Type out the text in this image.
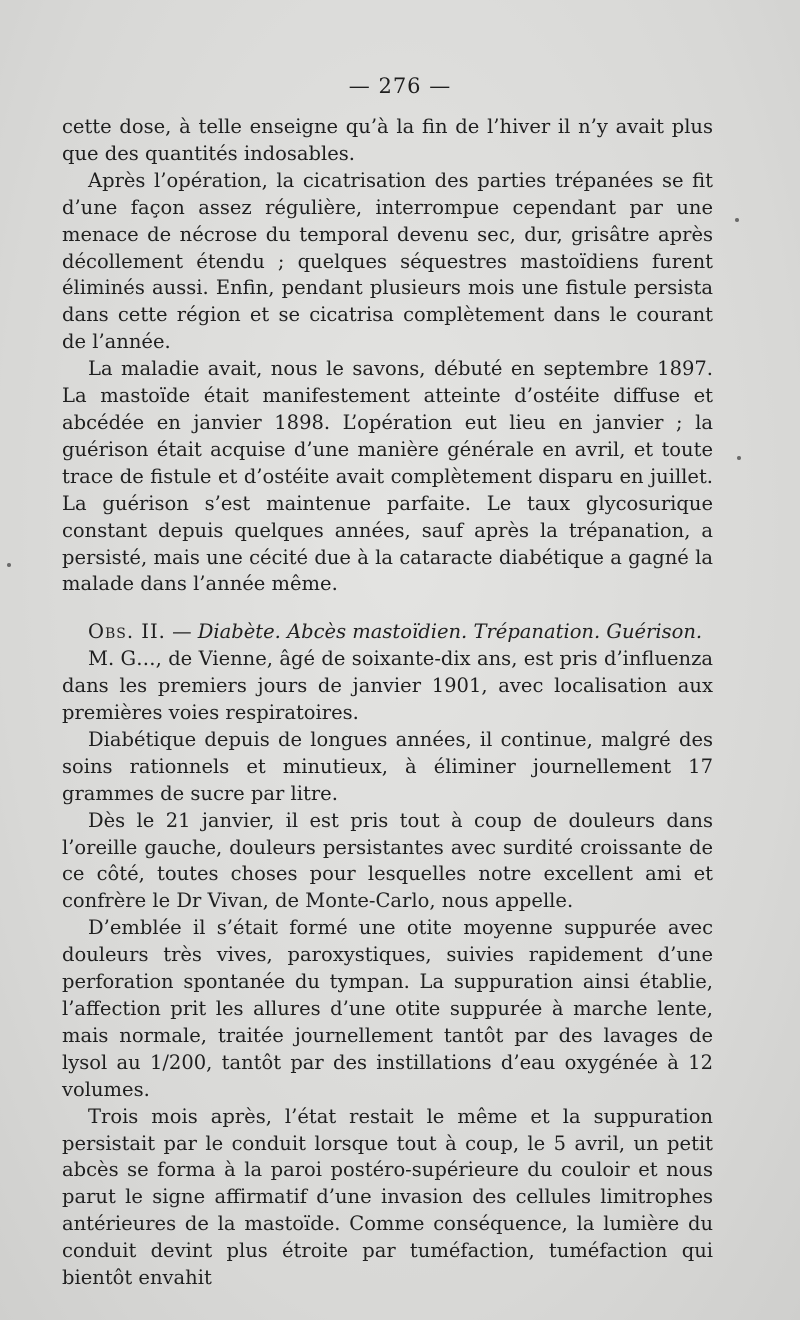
— 276 —

cette dose, à telle enseigne qu’à la fin de l’hiver il n’y avait plus que des quantités indosables.

Après l’opération, la cicatrisation des parties trépanées se fit d’une façon assez régulière, interrompue cependant par une menace de nécrose du temporal devenu sec, dur, grisâtre après décollement étendu ; quelques séquestres mastoïdiens furent éliminés aussi. Enfin, pendant plusieurs mois une fistule persista dans cette région et se cicatrisa complètement dans le courant de l’année.

La maladie avait, nous le savons, débuté en septembre 1897. La mastoïde était manifestement atteinte d’ostéite diffuse et abcédée en janvier 1898. L’opération eut lieu en janvier ; la guérison était acquise d’une manière générale en avril, et toute trace de fistule et d’ostéite avait complètement disparu en juillet. La guérison s’est maintenue parfaite. Le taux glycosurique constant depuis quelques années, sauf après la trépanation, a persisté, mais une cécité due à la cataracte diabétique a gagné la malade dans l’année même.

Obs. II. — Diabète. Abcès mastoïdien. Trépanation. Guérison.

M. G…, de Vienne, âgé de soixante-dix ans, est pris d’influenza dans les premiers jours de janvier 1901, avec localisation aux premières voies respiratoires.

Diabétique depuis de longues années, il continue, malgré des soins rationnels et minutieux, à éliminer journellement 17 grammes de sucre par litre.

Dès le 21 janvier, il est pris tout à coup de douleurs dans l’oreille gauche, douleurs persistantes avec surdité croissante de ce côté, toutes choses pour lesquelles notre excellent ami et confrère le Dr Vivan, de Monte-Carlo, nous appelle.

D’emblée il s’était formé une otite moyenne suppurée avec douleurs très vives, paroxystiques, suivies rapidement d’une perforation spontanée du tympan. La suppuration ainsi établie, l’affection prit les allures d’une otite suppurée à marche lente, mais normale, traitée journellement tantôt par des lavages de lysol au 1/200, tantôt par des instillations d’eau oxygénée à 12 volumes.

Trois mois après, l’état restait le même et la suppuration persistait par le conduit lorsque tout à coup, le 5 avril, un petit abcès se forma à la paroi postéro-supérieure du couloir et nous parut le signe affirmatif d’une invasion des cellules limitrophes antérieures de la mastoïde. Comme conséquence, la lumière du conduit devint plus étroite par tuméfaction, tuméfaction qui bientôt envahit
